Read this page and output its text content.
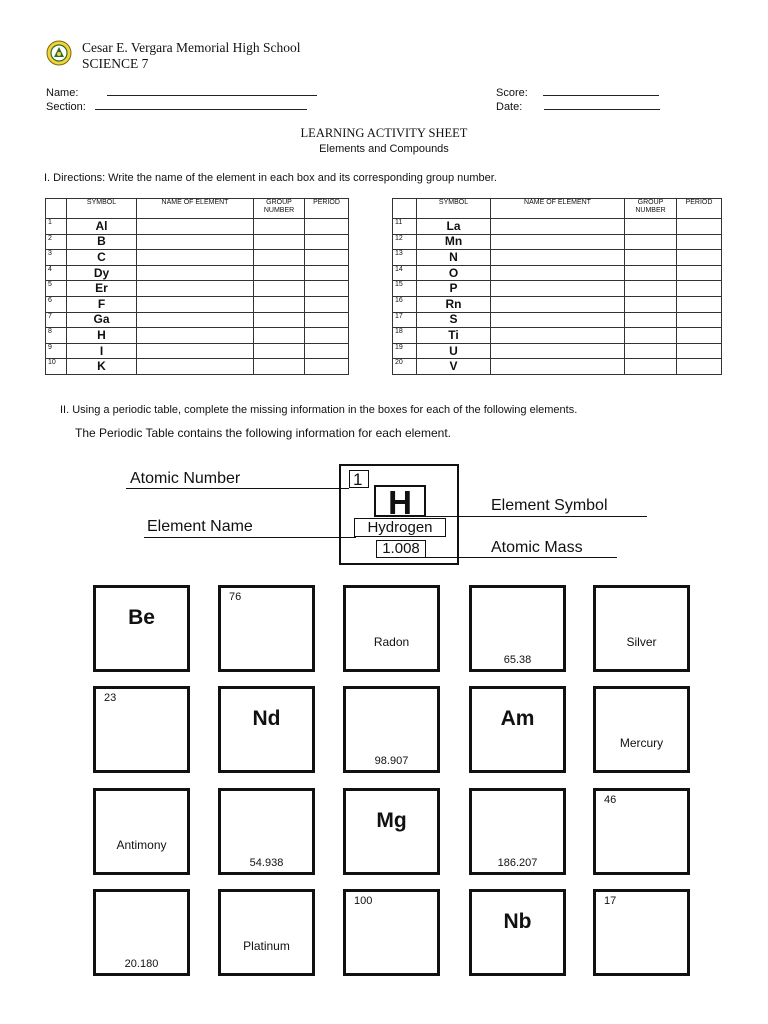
Cesar E. Vergara Memorial High School
SCIENCE 7
Name:
Section:
Score:
Date:
LEARNING ACTIVITY SHEET
Elements and Compounds
I. Directions: Write the name of the element in each box and its corresponding group number.
	SYMBOL	NAME OF ELEMENT	GROUP NUMBER	PERIOD
1	Al			
2	B			
3	C			
4	Dy			
5	Er			
6	F			
7	Ga			
8	H			
9	I			
10	K			
	SYMBOL	NAME OF ELEMENT	GROUP NUMBER	PERIOD
11	La			
12	Mn			
13	N			
14	O			
15	P			
16	Rn			
17	S			
18	Ti			
19	U			
20	V			
II. Using a periodic table, complete the missing information in the boxes for each of the following elements.
The Periodic Table contains the following information for each element.
1
H
Hydrogen
1.008
Atomic Number
Element Name
Element Symbol
Atomic Mass
Be
76
Radon
65.38
Silver
23
Nd
98.907
Am
Mercury
Antimony
54.938
Mg
186.207
46
20.180
Platinum
100
Nb
17
